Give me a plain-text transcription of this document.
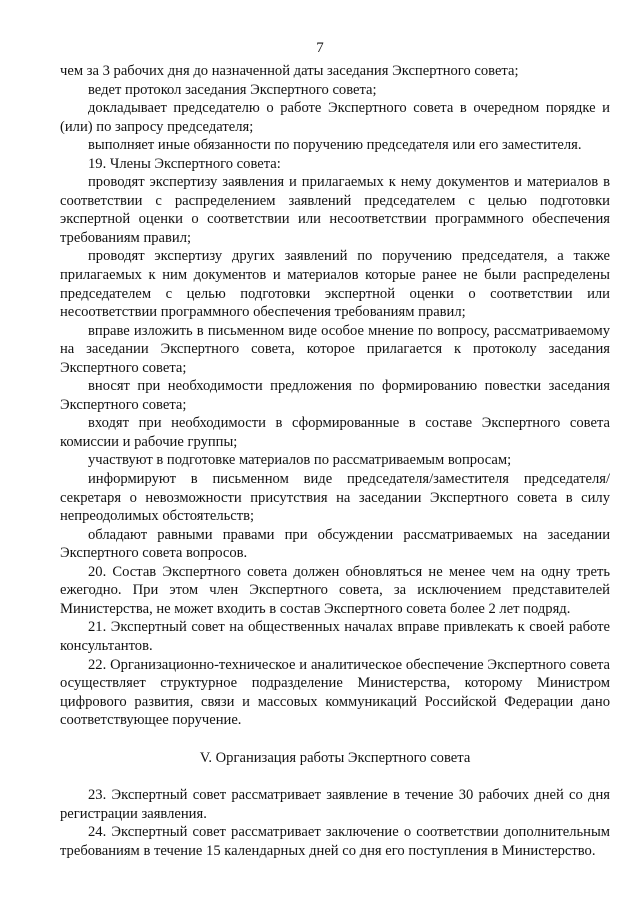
7

чем за 3 рабочих дня до назначенной даты заседания Экспертного совета;

ведет протокол заседания Экспертного совета;

докладывает председателю о работе Экспертного совета в очередном порядке и (или) по запросу председателя;

выполняет иные обязанности по поручению председателя или его заместителя.

19. Члены Экспертного совета:

проводят экспертизу заявления и прилагаемых к нему документов и материалов в соответствии с распределением заявлений председателем с целью подготовки экспертной оценки о соответствии или несоответствии программного обеспечения требованиям правил;

проводят экспертизу других заявлений по поручению председателя, а также прилагаемых к ним документов и материалов которые ранее не были распределены председателем с целью подготовки экспертной оценки о соответствии или несоответствии программного обеспечения требованиям правил;

вправе изложить в письменном виде особое мнение по вопросу, рассматриваемому на заседании Экспертного совета, которое прилагается к протоколу заседания Экспертного совета;

вносят при необходимости предложения по формированию повестки заседания Экспертного совета;

входят при необходимости в сформированные в составе Экспертного совета комиссии и рабочие группы;

участвуют в подготовке материалов по рассматриваемым вопросам;

информируют в письменном виде председателя/заместителя председателя/секретаря о невозможности присутствия на заседании Экспертного совета в силу непреодолимых обстоятельств;

обладают равными правами при обсуждении рассматриваемых на заседании Экспертного совета вопросов.

20. Состав Экспертного совета должен обновляться не менее чем на одну треть ежегодно. При этом член Экспертного совета, за исключением представителей Министерства, не может входить в состав Экспертного совета более 2 лет подряд.

21. Экспертный совет на общественных началах вправе привлекать к своей работе консультантов.

22. Организационно-техническое и аналитическое обеспечение Экспертного совета осуществляет структурное подразделение Министерства, которому Министром цифрового развития, связи и массовых коммуникаций Российской Федерации дано соответствующее поручение.

V. Организация работы Экспертного совета

23. Экспертный совет рассматривает заявление в течение 30 рабочих дней со дня регистрации заявления.

24. Экспертный совет рассматривает заключение о соответствии дополнительным требованиям в течение 15 календарных дней со дня его поступления в Министерство.
